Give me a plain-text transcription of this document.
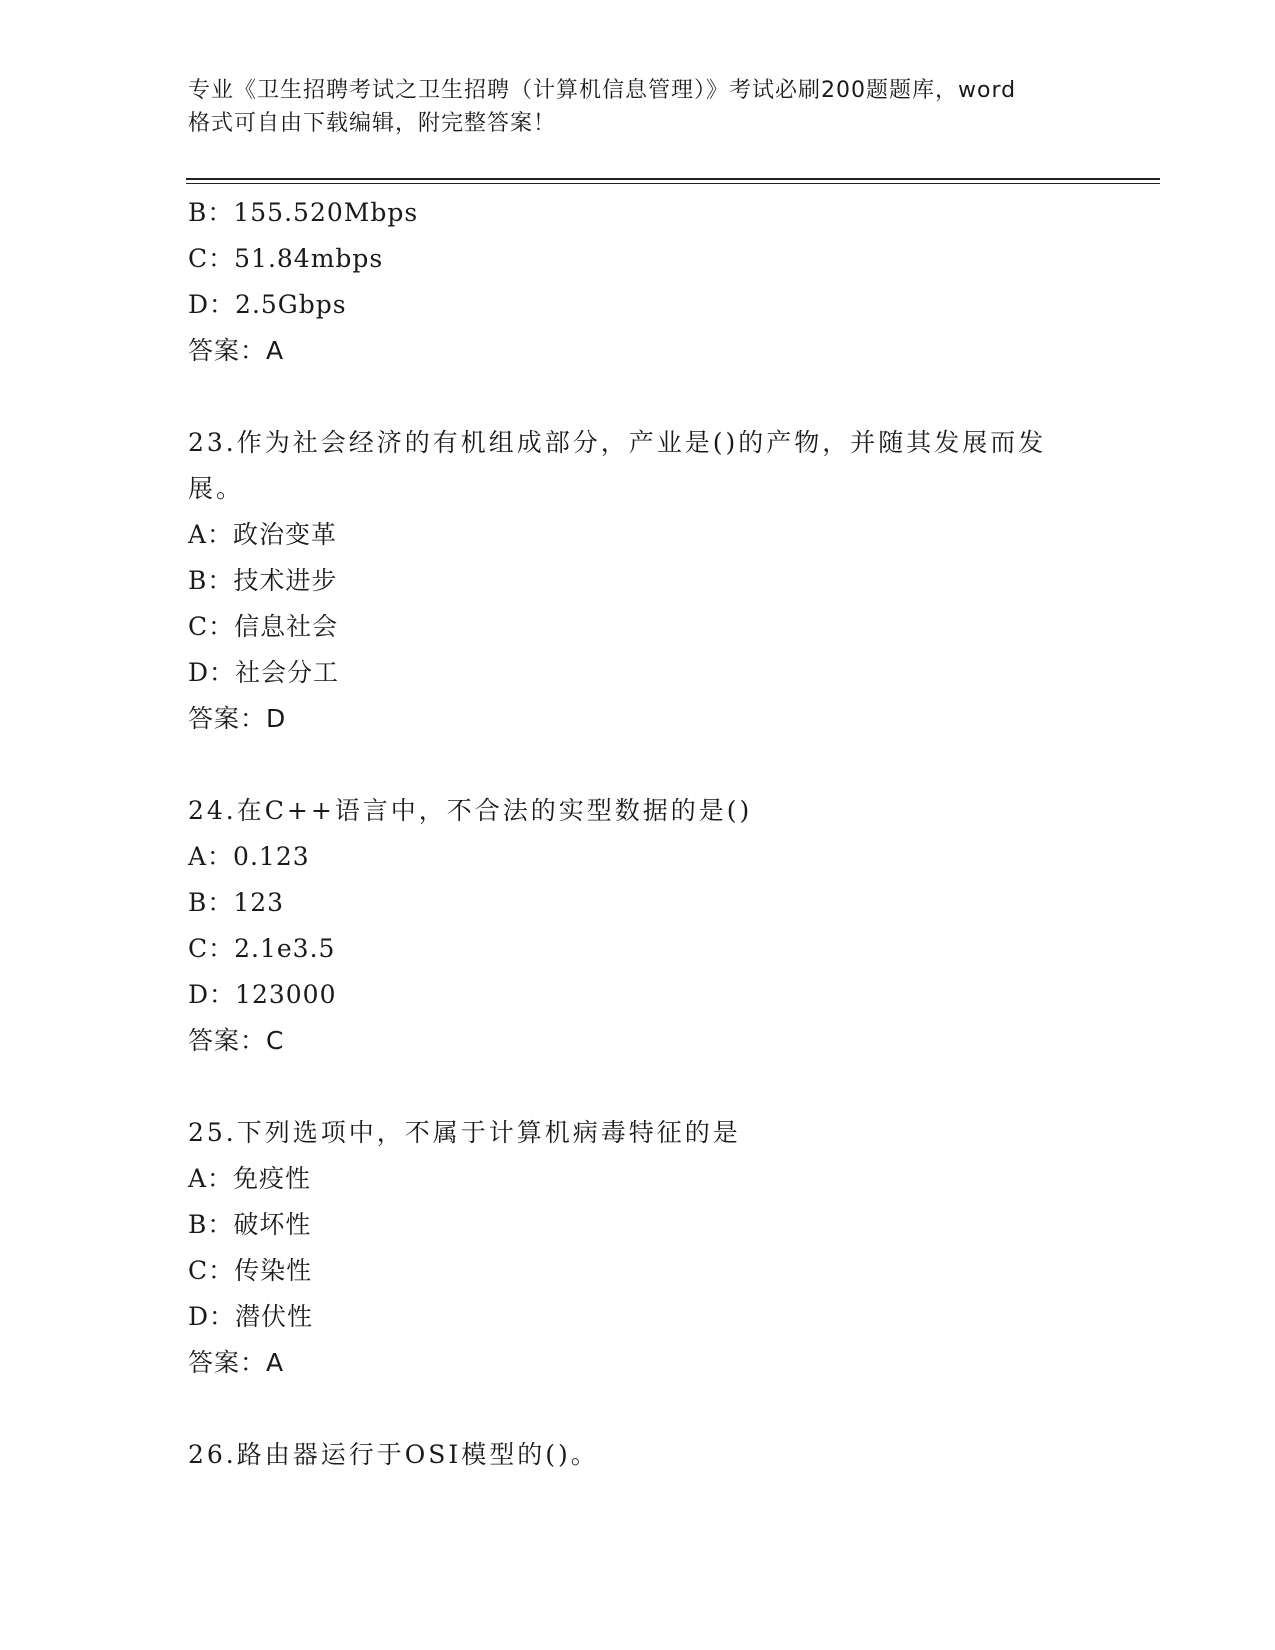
专业《卫生招聘考试之卫生招聘（计算机信息管理）》考试必刷200题题库，word
格式可自由下载编辑，附完整答案！
B：155.520Mbps
C：51.84mbps
D：2.5Gbps
答案：A
23.作为社会经济的有机组成部分，产业是()的产物，并随其发展而发
展。
A：政治变革
B：技术进步
C：信息社会
D：社会分工
答案：D
24.在C++语言中，不合法的实型数据的是()
A：0.123
B：123
C：2.1e3.5
D：123000
答案：C
25.下列选项中，不属于计算机病毒特征的是
A：免疫性
B：破坏性
C：传染性
D：潜伏性
答案：A
26.路由器运行于OSI模型的()。
